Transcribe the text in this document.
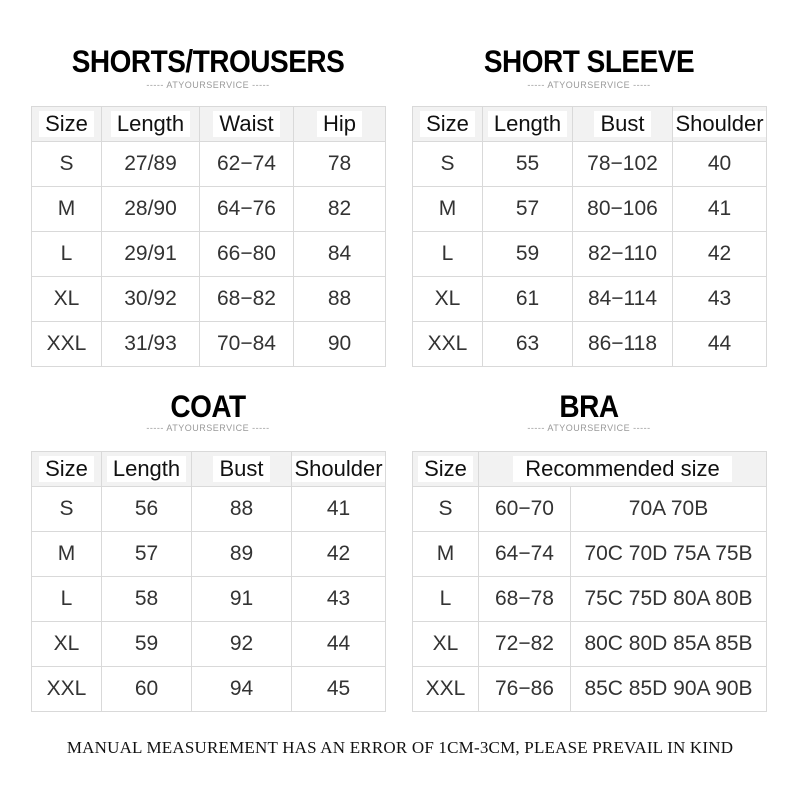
SHORTS/TROUSERS
----- ATYOURSERVICE -----
Size	Length	Waist	Hip
S	27/89	62−74	78
M	28/90	64−76	82
L	29/91	66−80	84
XL	30/92	68−82	88
XXL	31/93	70−84	90
SHORT SLEEVE
----- ATYOURSERVICE -----
Size	Length	Bust	Shoulder
S	55	78−102	40
M	57	80−106	41
L	59	82−110	42
XL	61	84−114	43
XXL	63	86−118	44
COAT
----- ATYOURSERVICE -----
Size	Length	Bust	Shoulder
S	56	88	41
M	57	89	42
L	58	91	43
XL	59	92	44
XXL	60	94	45
BRA
----- ATYOURSERVICE -----
Size	Recommended size	
S	60−70	70A 70B
M	64−74	70C 70D 75A 75B
L	68−78	75C 75D 80A 80B
XL	72−82	80C 80D 85A 85B
XXL	76−86	85C 85D 90A 90B
MANUAL MEASUREMENT HAS AN ERROR OF 1CM-3CM, PLEASE PREVAIL IN KIND
